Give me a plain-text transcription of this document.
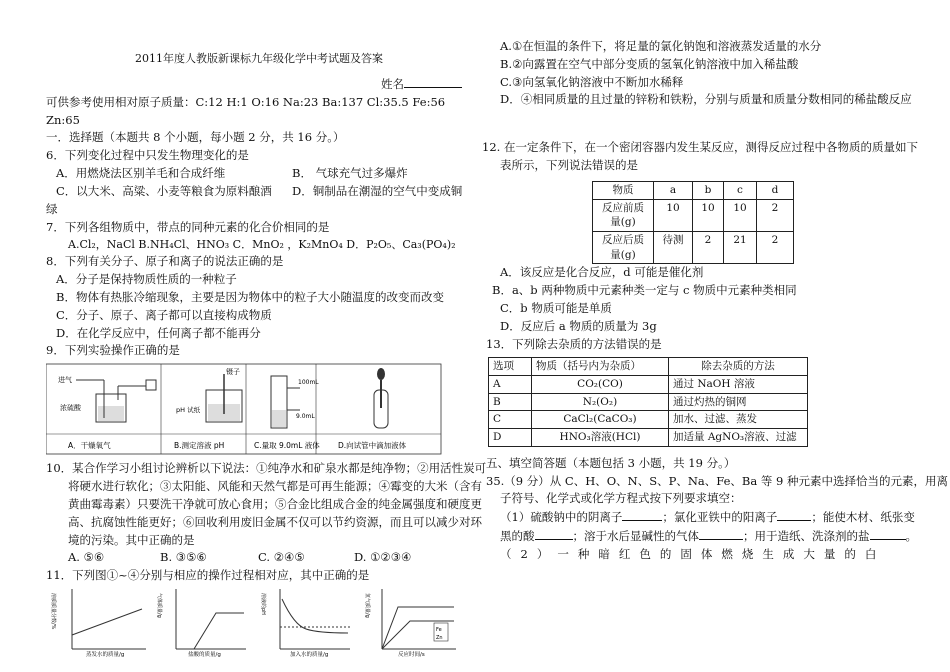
2011年度人教版新课标九年级化学中考试题及答案
姓名
可供参考使用相对原子质量：C:12 H:1 O:16 Na:23 Ba:137 Cl:35.5 Fe:56
Zn:65
一．选择题（本题共 8 个小题，每小题 2 分，共 16 分。）
6．下列变化过程中只发生物理变化的是
A．用燃烧法区别羊毛和合成纤维	B． 气球充气过多爆炸
C．以大米、高粱、小麦等粮食为原料酿酒 D．铜制品在潮湿的空气中变成铜
绿
7．下列各组物质中，带点的同种元素的化合价相同的是
A.Cl₂，NaCl B.NH₄Cl、HNO₃ C．MnO₂ ，K₂MnO₄ D．P₂O₅、Ca₃(PO₄)₂
8．下列有关分子、原子和离子的说法正确的是
A．分子是保持物质性质的一种粒子
B．物体有热胀冷缩现象，主要是因为物体中的粒子大小随温度的改变而改变
C．分子、原子、离子都可以直接构成物质
D．在化学反应中，任何离子都不能再分
9．下列实验操作正确的是
进气
浓硫酸
镊子
pH 试纸
100mL
9.0mL
A．干燥氧气	B.测定溶液 pH	C.量取 9.0mL 液体 D.向试管中滴加液体
10．某合作学习小组讨论辨析以下说法：①纯净水和矿泉水都是纯净物；②用活性炭可
将硬水进行软化；③太阳能、风能和天然气都是可再生能源；④霉变的大米（含有
黄曲霉毒素）只要洗干净就可放心食用；⑤合金比组成合金的纯金属强度和硬度更
高、抗腐蚀性能更好；⑥回收利用废旧金属不仅可以节约资源，而且可以减少对环
境的污染。其中正确的是
A. ⑤⑥	B. ③⑤⑥	C. ②④⑤	D. ①②③④
11．下列图①~④分别与相应的操作过程相对应，其中正确的是
溶质质量分数/%
蒸发水的质量/g
气体质量/g
盐酸的质量/g
溶液的pH
加入水的质量/g
Fe
Zn
氢气质量/g
反应时间/s
A.①在恒温的条件下，将足量的氯化钠饱和溶液蒸发适量的水分
B.②向露置在空气中部分变质的氢氧化钠溶液中加入稀盐酸
C.③向氢氧化钠溶液中不断加水稀释
D．④相同质量的且过量的锌粉和铁粉，分别与质量和质量分数相同的稀盐酸反应
12. 在一定条件下，在一个密闭容器内发生某反应，测得反应过程中各物质的质量如下
表所示，下列说法错误的是
物质	a	b	c	d
反应前质量(g)	10	10	10	2
反应后质量(g)	待测	2	21	2
A．该反应是化合反应，d 可能是催化剂
B．a、b 两种物质中元素种类一定与 c 物质中元素种类相同
C．b 物质可能是单质
D．反应后 a 物质的质量为 3g
13．下列除去杂质的方法错误的是
选项	物质（括号内为杂质）	除去杂质的方法
A	CO₂(CO)	通过 NaOH 溶液
B	N₂(O₂)	通过灼热的铜网
C	CaCl₂(CaCO₃)	加水、过滤、蒸发
D	HNO₃溶液(HCl)	加适量 AgNO₃溶液、过滤
五、填空简答题（本题包括 3 小题，共 19 分。）
35.（9 分）从 C、H、O、N、S、P、Na、Fe、Ba 等 9 种元素中选择恰当的元素，用离
子符号、化学式或化学方程式按下列要求填空：
（1）硫酸钠中的阴离子	；氯化亚铁中的阳离子	；能使木材、纸张变
黑的酸	；溶于水后显碱性的气体	；用于造纸、洗涤剂的盐	。
（2）一种暗红色的固体燃烧生成大量的白
